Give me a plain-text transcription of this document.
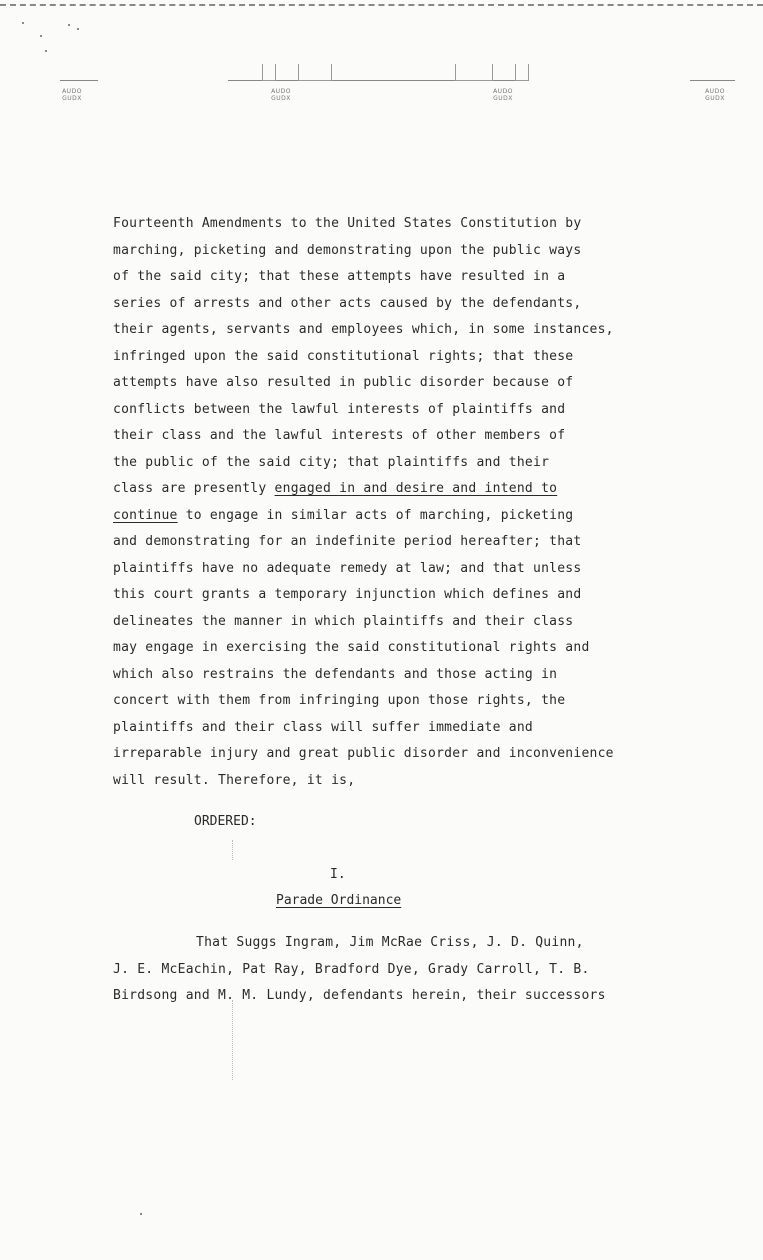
AUDO
GUDX
AUDO
GUDX
AUDO
GUDX
AUDO
GUDX
Fourteenth Amendments to the United States Constitution by
marching, picketing and demonstrating upon the public ways
of the said city; that these attempts have resulted in a
series of arrests and other acts caused by the defendants,
their agents, servants and employees which, in some instances,
infringed upon the said constitutional rights; that these
attempts have also resulted in public disorder because of
conflicts between the lawful interests of plaintiffs and
their class and the lawful interests of other members of
the public of the said city; that plaintiffs and their
class are presently engaged in and desire and intend to
continue to engage in similar acts of marching, picketing
and demonstrating for an indefinite period hereafter; that
plaintiffs have no adequate remedy at law; and that unless
this court grants a temporary injunction which defines and
delineates the manner in which plaintiffs and their class
may engage in exercising the said constitutional rights and
which also restrains the defendants and those acting in
concert with them from infringing upon those rights, the
plaintiffs and their class will suffer immediate and
irreparable injury and great public disorder and inconvenience
will result. Therefore, it is,

ORDERED:

I.

Parade Ordinance

That Suggs Ingram, Jim McRae Criss, J. D. Quinn,
J. E. McEachin, Pat Ray, Bradford Dye, Grady Carroll, T. B.
Birdsong and M. M. Lundy, defendants herein, their successors
